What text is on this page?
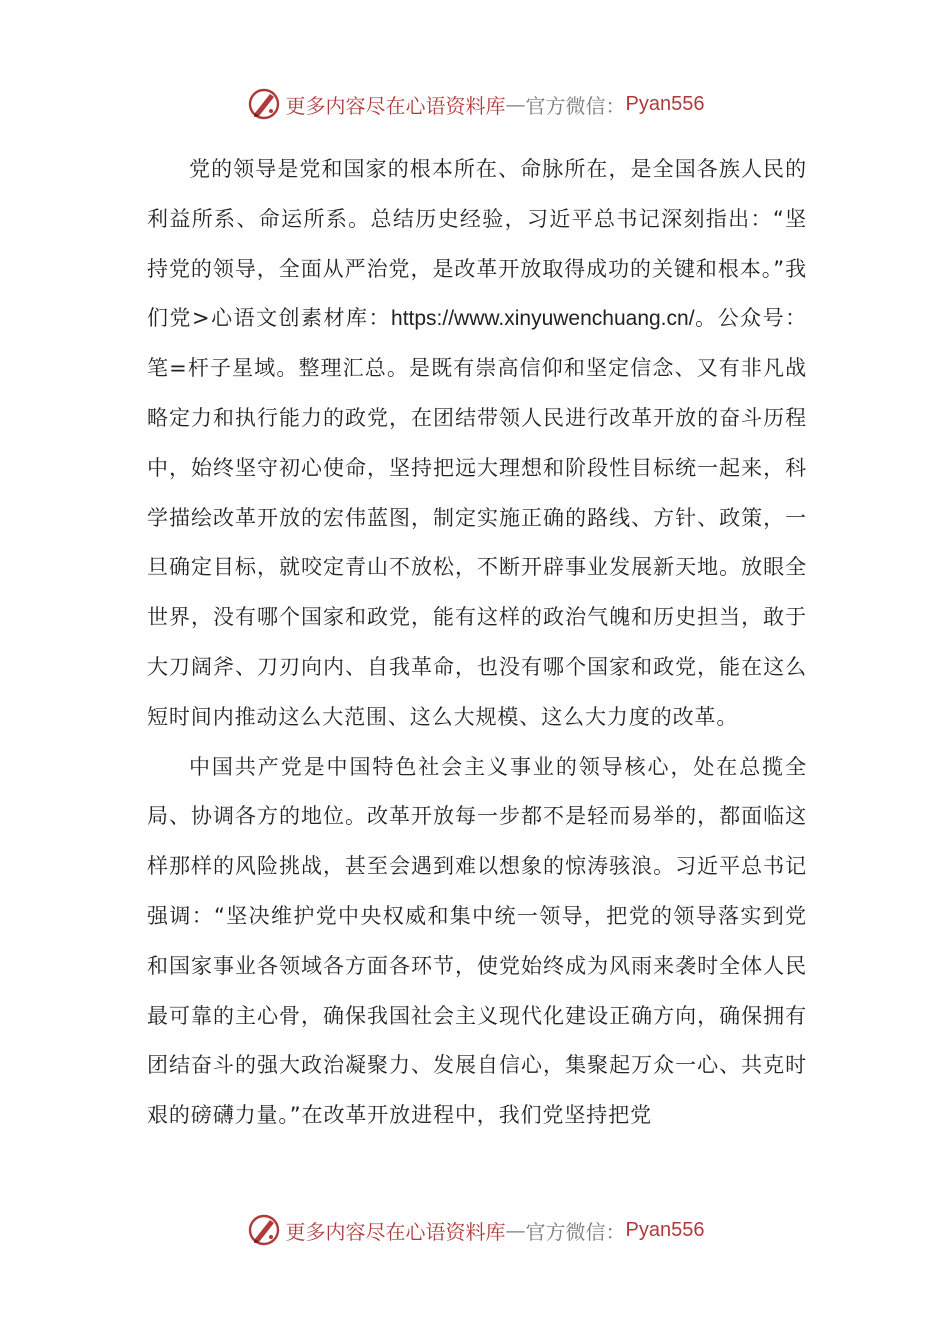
更多内容尽在心语资料库 — 官方微信： Pyan556

党的领导是党和国家的根本所在、命脉所在，是全国各族人民的利益所系、命运所系。总结历史经验，习近平总书记深刻指出：“坚持党的领导，全面从严治党，是改革开放取得成功的关键和根本。”我们党>心语文创素材库：https://www.xinyuwenchuang.cn/。公众号：笔=杆子星域。整理汇总。是既有崇高信仰和坚定信念、又有非凡战略定力和执行能力的政党，在团结带领人民进行改革开放的奋斗历程中，始终坚守初心使命，坚持把远大理想和阶段性目标统一起来，科学描绘改革开放的宏伟蓝图，制定实施正确的路线、方针、政策，一旦确定目标，就咬定青山不放松，不断开辟事业发展新天地。放眼全世界，没有哪个国家和政党，能有这样的政治气魄和历史担当，敢于大刀阔斧、刀刃向内、自我革命，也没有哪个国家和政党，能在这么短时间内推动这么大范围、这么大规模、这么大力度的改革。

中国共产党是中国特色社会主义事业的领导核心，处在总揽全局、协调各方的地位。改革开放每一步都不是轻而易举的，都面临这样那样的风险挑战，甚至会遇到难以想象的惊涛骇浪。习近平总书记强调：“坚决维护党中央权威和集中统一领导，把党的领导落实到党和国家事业各领域各方面各环节，使党始终成为风雨来袭时全体人民最可靠的主心骨，确保我国社会主义现代化建设正确方向，确保拥有团结奋斗的强大政治凝聚力、发展自信心，集聚起万众一心、共克时艰的磅礴力量。”在改革开放进程中，我们党坚持把党

更多内容尽在心语资料库 — 官方微信： Pyan556
